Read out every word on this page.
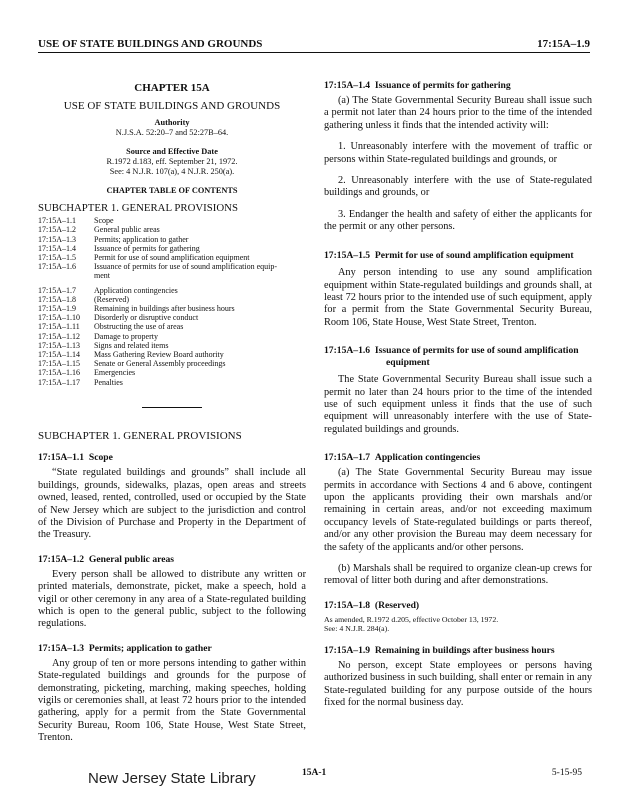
USE OF STATE BUILDINGS AND GROUNDS	17:15A–1.9
CHAPTER 15A
USE OF STATE BUILDINGS AND GROUNDS
Authority
N.J.S.A. 52:20–7 and 52:27B–64.
Source and Effective Date
R.1972 d.183, eff. September 21, 1972.
See: 4 N.J.R. 107(a), 4 N.J.R. 250(a).
CHAPTER TABLE OF CONTENTS
SUBCHAPTER 1. GENERAL PROVISIONS
17:15A–1.1	Scope
17:15A–1.2	General public areas
17:15A–1.3	Permits; application to gather
17:15A–1.4	Issuance of permits for gathering
17:15A–1.5	Permit for use of sound amplification equipment
17:15A–1.6	Issuance of permits for use of sound amplification equip-
ment
17:15A–1.7	Application contingencies
17:15A–1.8	(Reserved)
17:15A–1.9	Remaining in buildings after business hours
17:15A–1.10	Disorderly or disruptive conduct
17:15A–1.11	Obstructing the use of areas
17:15A–1.12	Damage to property
17:15A–1.13	Signs and related items
17:15A–1.14	Mass Gathering Review Board authority
17:15A–1.15	Senate or General Assembly proceedings
17:15A–1.16	Emergencies
17:15A–1.17	Penalties
SUBCHAPTER 1. GENERAL PROVISIONS
17:15A–1.1 Scope
“State regulated buildings and grounds” shall include all buildings, grounds, sidewalks, plazas, open areas and streets owned, leased, rented, controlled, used or occupied by the State of New Jersey which are subject to the jurisdiction and control of the Division of Purchase and Property in the Department of the Treasury.
17:15A–1.2 General public areas
Every person shall be allowed to distribute any written or printed materials, demonstrate, picket, make a speech, hold a vigil or other ceremony in any area of a State-regulated building which is open to the general public, subject to the following regulations.
17:15A–1.3 Permits; application to gather
Any group of ten or more persons intending to gather within State-regulated buildings and grounds for the purpose of demonstrating, picketing, marching, making speeches, holding vigils or ceremonies shall, at least 72 hours prior to the intended gathering, apply for a permit from the State Governmental Security Bureau, Room 106, State House, West State Street, Trenton.
17:15A–1.4 Issuance of permits for gathering
(a) The State Governmental Security Bureau shall issue such a permit not later than 24 hours prior to the time of the intended gathering unless it finds that the intended activity will:
1. Unreasonably interfere with the movement of traffic or persons within State-regulated buildings and grounds, or
2. Unreasonably interfere with the use of State-regulated buildings and grounds, or
3. Endanger the health and safety of either the applicants for the permit or any other persons.
17:15A–1.5 Permit for use of sound amplification equipment
Any person intending to use any sound amplification equipment within State-regulated buildings and grounds shall, at least 72 hours prior to the intended use of such equipment, apply for a permit from the State Governmental Security Bureau, Room 106, State House, West State Street, Trenton.
17:15A–1.6 Issuance of permits for use of sound amplification equipment
The State Governmental Security Bureau shall issue such a permit no later than 24 hours prior to the time of the intended use of such equipment unless it finds that the use of such equipment will unreasonably interfere with the use of State-regulated buildings and grounds.
17:15A–1.7 Application contingencies
(a) The State Governmental Security Bureau may issue permits in accordance with Sections 4 and 6 above, contingent upon the applicants providing their own marshals and/or remaining in certain areas, and/or not exceeding maximum occupancy levels of State-regulated buildings or parts thereof, and/or any other provision the Bureau may deem necessary for the safety of the applicants and/or other persons.
(b) Marshals shall be required to organize clean-up crews for removal of litter both during and after demonstrations.
17:15A–1.8 (Reserved)
As amended, R.1972 d.205, effective October 13, 1972.
See: 4 N.J.R. 284(a).
17:15A–1.9 Remaining in buildings after business hours
No person, except State employees or persons having authorized business in such building, shall enter or remain in any State-regulated building for any purpose outside of the hours fixed for the normal business day.
New Jersey State Library	15A-1	5-15-95
